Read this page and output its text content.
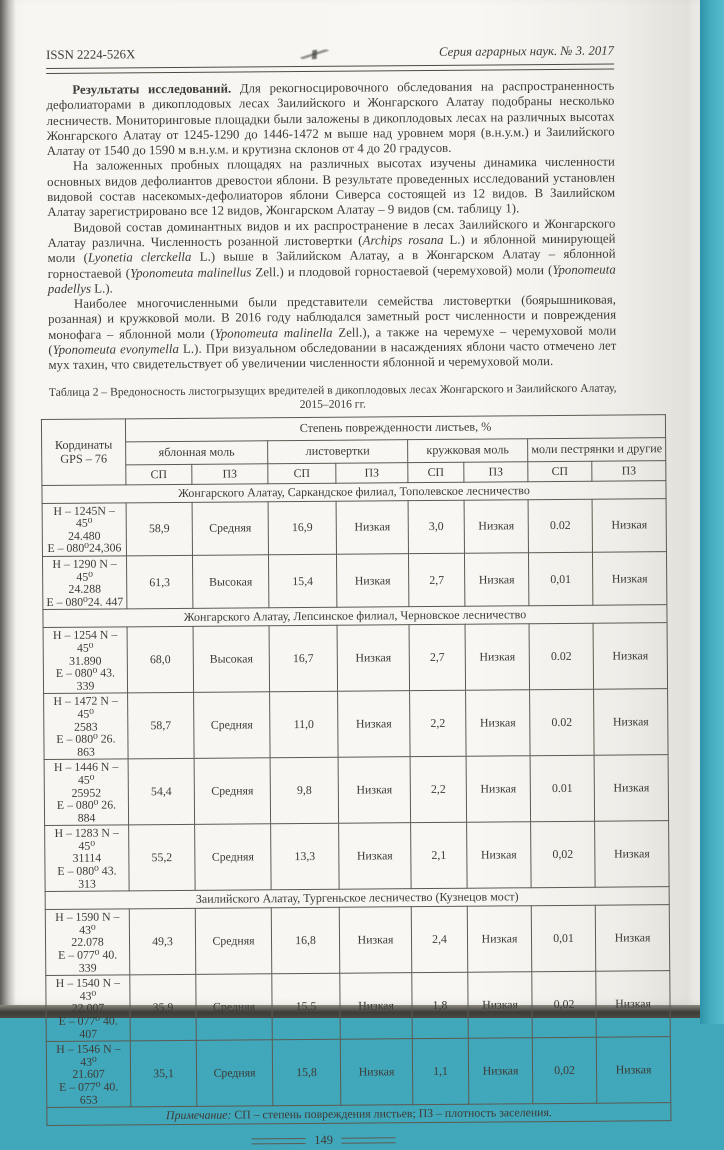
ISSN 2224-526X	Серия аграрных наук. № 3. 2017

Результаты исследований. Для рекогносцировочного обследования на распространенность дефолиаторами в дикоплодовых лесах Заилийского и Жонгарского Алатау подобраны несколько лесничеств. Мониторинговые площадки были заложены в дикоплодовых лесах на различных высотах Жонгарского Алатау от 1245-1290 до 1446-1472 м выше над уровнем моря (в.н.у.м.) и Заилийского Алатау от 1540 до 1590 м в.н.у.м. и крутизна склонов от 4 до 20 градусов.

На заложенных пробных площадях на различных высотах изучены динамика численности основных видов дефолиантов древостои яблони. В результате проведенных исследований установлен видовой состав насекомых-дефолиаторов яблони Сиверса состоящей из 12 видов. В Заилийском Алатау зарегистрировано все 12 видов, Жонгарском Алатау – 9 видов (см. таблицу 1).

Видовой состав доминантных видов и их распространение в лесах Заилийского и Жонгарского Алатау различна. Численность розанной листовертки (Archips rosana L.) и яблонной минирующей моли (Lyonetia clerckella L.) выше в Зайлийском Алатау, а в Жонгарском Алатау – яблонной горностаевой (Yponomeuta malinellus Zell.) и плодовой горностаевой (черемуховой) моли (Yponomeuta padellys L.).

Наиболее многочисленными были представители семейства листовертки (боярышниковая, розанная) и кружковой моли. В 2016 году наблюдался заметный рост численности и повреждения монофага – яблонной моли (Yponomeuta malinella Zell.), а также на черемухе – черемуховой моли (Yponomeuta evonymella L.). При визуальном обследовании в насаждениях яблони часто отмечено лет мух тахин, что свидетельствует об увеличении численности яблонной и черемуховой моли.

Таблица 2 – Вредоносность листогрызущих вредителей в дикоплодовых лесах Жонгарского и Заилийского Алатау,
2015–2016 гг.
Кординаты
GPS – 76	Степень поврежденности листьев, %							
	яблонная моль		листовертки		кружковая моль		моли пестрянки и другие	
	СП	ПЗ	СП	ПЗ	СП	ПЗ	СП	ПЗ
Жонгарского Алатау, Саркандское филиал, Тополевское лесничество								

H – 1245N – 45⁰
24.480
E – 080⁰24,306	58,9	Средняя	16,9	Низкая	3,0	Низкая	0.02	Низкая

H – 1290 N – 45⁰
24.288
E – 080⁰24. 447	61,3	Высокая	15,4	Низкая	2,7	Низкая	0,01	Низкая
Жонгарского Алатау, Лепсинское филиал, Черновское лесничество								

H – 1254 N – 45⁰
31.890
E – 080⁰ 43. 339	68,0	Высокая	16,7	Низкая	2,7	Низкая	0.02	Низкая

H – 1472 N – 45⁰
2583
E – 080⁰ 26. 863	58,7	Средняя	11,0	Низкая	2,2	Низкая	0.02	Низкая

H – 1446 N – 45⁰
25952
E – 080⁰ 26. 884	54,4	Средняя	9,8	Низкая	2,2	Низкая	0.01	Низкая

H – 1283 N – 45⁰
31114
E – 080⁰ 43. 313	55,2	Средняя	13,3	Низкая	2,1	Низкая	0,02	Низкая
Заилийского Алатау, Тургеньское лесничество (Кузнецов мост)								

H – 1590 N – 43⁰
22.078
E – 077⁰ 40. 339	49,3	Средняя	16,8	Низкая	2,4	Низкая	0,01	Низкая

H – 1540 N – 43⁰
22.007
E – 077⁰ 40. 407	35,9	Средняя	15,5	Низкая	1,8	Низкая	0,02	Низкая

H – 1546 N – 43⁰
21.607
E – 077⁰ 40. 653	35,1	Средняя	15,8	Низкая	1,1	Низкая	0,02	Низкая
Примечание: СП – степень повреждения листьев; ПЗ – плотность заселения.								
149
